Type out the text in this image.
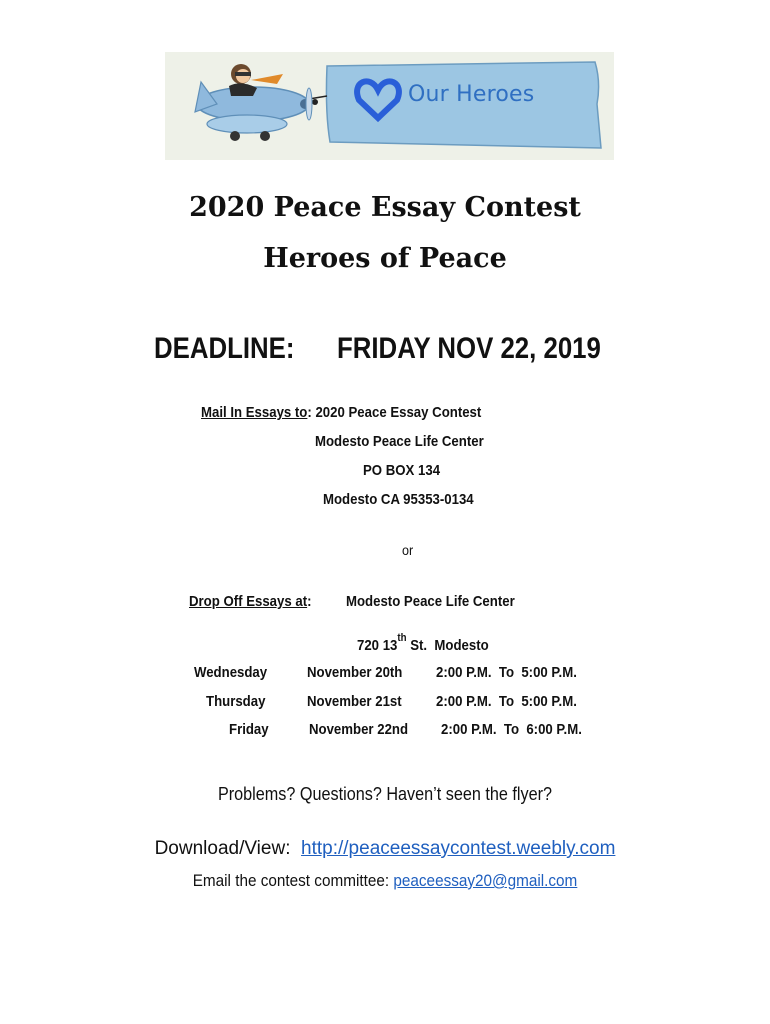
Our Heroes
2020 Peace Essay Contest
Heroes of Peace
DEADLINE: FRIDAY NOV 22, 2019
Mail In Essays to: 2020 Peace Essay Contest
Modesto Peace Life Center
PO BOX 134
Modesto CA 95353-0134
or
Drop Off Essays at: Modesto Peace Life Center
720 13th St.  Modesto
Wednesday	November 20th 2:00 P.M.  To  5:00 P.M.
Thursday	November 21st 2:00 P.M.  To  5:00 P.M.
Friday	November 22nd 2:00 P.M.  To  6:00 P.M.
Problems? Questions? Haven’t seen the flyer?
Download/View:  http://peaceessaycontest.weebly.com
Email the contest committee: peaceessay20@gmail.com
